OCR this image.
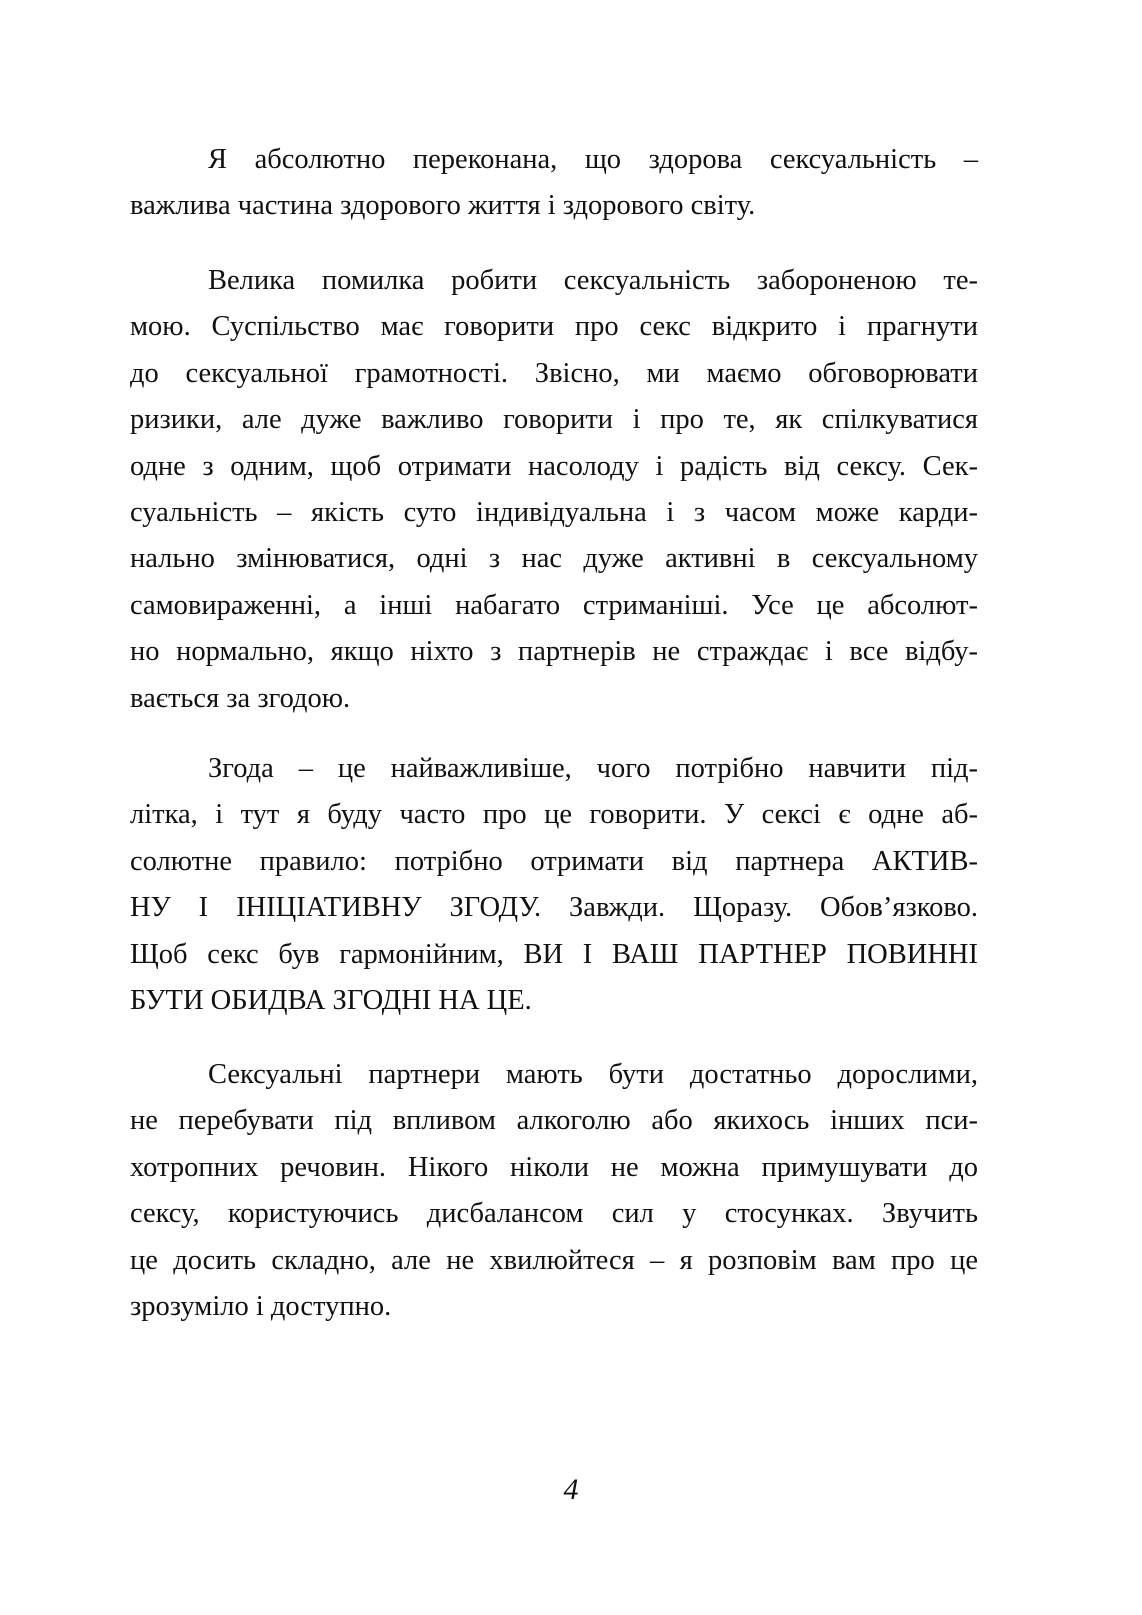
Я абсолютно переконана, що здорова сексуальність –
важлива частина здорового життя і здорового світу.
Велика помилка робити сексуальність забороненою те-
мою. Суспільство має говорити про секс відкрито і прагнути
до сексуальної грамотності. Звісно, ми маємо обговорювати
ризики, але дуже важливо говорити і про те, як спілкуватися
одне з одним, щоб отримати насолоду і радість від сексу. Сек-
суальність – якість суто індивідуальна і з часом може карди-
нально змінюватися, одні з нас дуже активні в сексуальному
самовираженні, а інші набагато стриманіші. Усе це абсолют-
но нормально, якщо ніхто з партнерів не страждає і все відбу-
вається за згодою.
Згода – це найважливіше, чого потрібно навчити під-
літка, і тут я буду часто про це говорити. У сексі є одне аб-
солютне правило: потрібно отримати від партнера АКТИВ-
НУ І ІНІЦІАТИВНУ ЗГОДУ. Завжди. Щоразу. Обов’язково.
Щоб секс був гармонійним, ВИ І ВАШ ПАРТНЕР ПОВИННІ
БУТИ ОБИДВА ЗГОДНІ НА ЦЕ.
Сексуальні партнери мають бути достатньо дорослими,
не перебувати під впливом алкоголю або якихось інших пси-
хотропних речовин. Нікого ніколи не можна примушувати до
сексу, користуючись дисбалансом сил у стосунках. Звучить
це досить складно, але не хвилюйтеся – я розповім вам про це
зрозуміло і доступно.
4
